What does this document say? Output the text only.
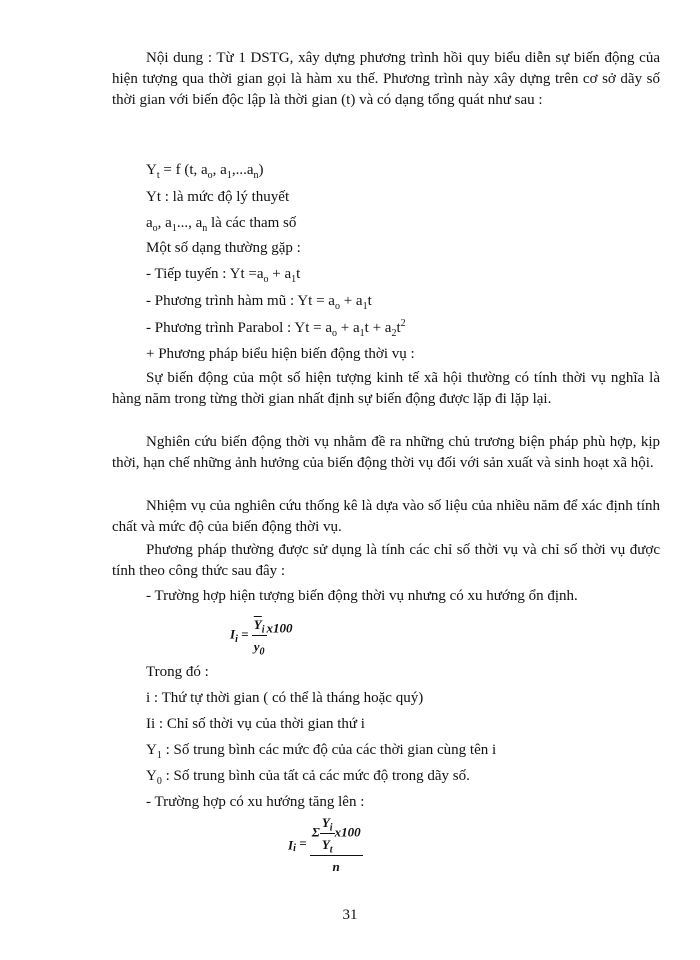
Nội dung : Từ 1 DSTG, xây dựng phương trình hồi quy biểu diễn sự biến động của hiện tượng qua thời gian gọi là hàm xu thế. Phương trình này xây dựng trên cơ sở dãy số thời gian với biến độc lập là thời gian (t) và có dạng tổng quát như sau :
$Y_t = f$ (t, $a_o$, $a_1,...a_n$)
Yt : là mức độ lý thuyết
$a_o$, $a_1$..., $a_n$ là các tham số
Một số dạng thường gặp :
- Tiếp tuyến : $Yt =a_o + a_1t$
- Phương trình hàm mũ : $Yt = a_o + a_1t$
- Phương trình Parabol : $Yt = a_o + a_1t + a_2t^2$
+ Phương pháp biểu hiện biến động thời vụ :
Sự biến động của một số hiện tượng kinh tế xã hội thường có tính thời vụ nghĩa là hàng năm trong từng thời gian nhất định sự biến động được lặp đi lặp lại.
Nghiên cứu biến động thời vụ nhằm đề ra những chủ trương biện pháp phù hợp, kịp thời, hạn chế những ảnh hưởng của biến động thời vụ đối với sản xuất và sinh hoạt xã hội.
Nhiệm vụ của nghiên cứu thống kê là dựa vào số liệu của nhiều năm để xác định tính chất và mức độ của biến động thời vụ.
Phương pháp thường được sử dụng là tính các chỉ số thời vụ và chỉ số thời vụ được tính theo công thức sau đây :
- Trường hợp hiện tượng biến động thời vụ nhưng có xu hướng ổn định.
$I_i = \frac{\overline{Y}_i}{y_0} x100$
Trong đó :
i : Thứ tự thời gian ( có thể là tháng hoặc quý)
Ii : Chỉ số thời vụ của thời gian thứ i
$Y_1$ : Số trung bình các mức độ của các thời gian cùng tên i
$Y_0$ : Số trung bình của tất cả các mức độ trong dãy số.
- Trường hợp có xu hướng tăng lên :
$I_i = \frac{\Sigma \frac{Y_i}{Y_t} x100}{n}$
31
